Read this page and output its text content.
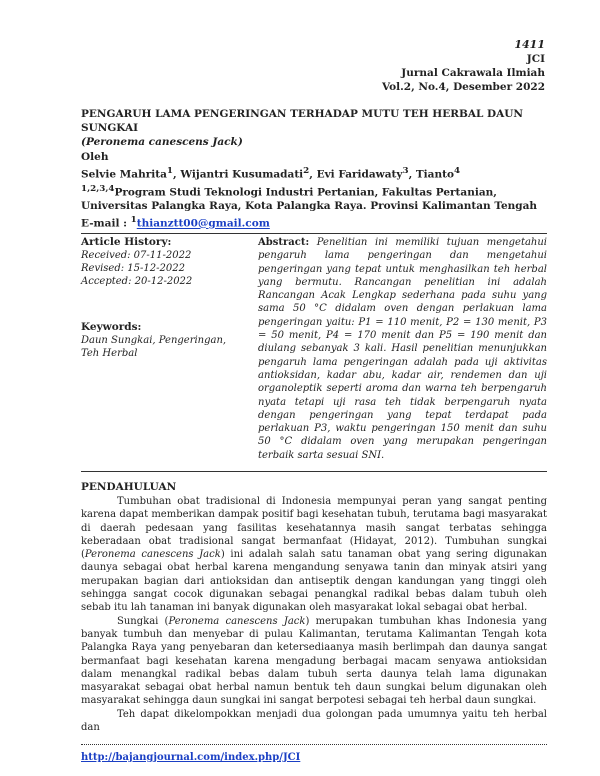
1411
JCI
Jurnal Cakrawala Ilmiah
Vol.2, No.4, Desember 2022
PENGARUH LAMA PENGERINGAN TERHADAP MUTU TEH HERBAL DAUN SUNGKAI
(Peronema canescens Jack)
Oleh
Selvie Mahrita$^1$, Wijantri Kusumadati$^2$, Evi Faridawaty$^3$, Tianto$^4$
$^{1,2,3,4}$Program Studi Teknologi Industri Pertanian, Fakultas Pertanian, Universitas Palangka Raya, Kota Palangka Raya. Provinsi Kalimantan Tengah
E-mail : $^1$thianztt00@gmail.com
Article History:
Received: 07-11-2022
Revised: 15-12-2022
Accepted: 20-12-2022
Keywords:
Daun Sungkai, Pengeringan, Teh Herbal
Abstract: Penelitian ini memiliki tujuan mengetahui pengaruh lama pengeringan dan mengetahui pengeringan yang tepat untuk menghasilkan teh herbal yang bermutu. Rancangan penelitian ini adalah Rancangan Acak Lengkap sederhana pada suhu yang sama 50 °C didalam oven dengan perlakuan lama pengeringan yaitu: P1 = 110 menit, P2 = 130 menit, P3 = 50 menit, P4 = 170 menit dan P5 = 190 menit dan diulang sebanyak 3 kali. Hasil penelitian menunjukkan pengaruh lama pengeringan adalah pada uji aktivitas antioksidan, kadar abu, kadar air, rendemen dan uji organoleptik seperti aroma dan warna teh berpengaruh nyata tetapi uji rasa teh tidak berpengaruh nyata dengan pengeringan yang tepat terdapat pada perlakuan P3, waktu pengeringan 150 menit dan suhu 50 °C didalam oven yang merupakan pengeringan terbaik sarta sesuai SNI.
PENDAHULUAN

Tumbuhan obat tradisional di Indonesia mempunyai peran yang sangat penting karena dapat memberikan dampak positif bagi kesehatan tubuh, terutama bagi masyarakat di daerah pedesaan yang fasilitas kesehatannya masih sangat terbatas sehingga keberadaan obat tradisional sangat bermanfaat (Hidayat, 2012). Tumbuhan sungkai (Peronema canescens Jack) ini adalah salah satu tanaman obat yang sering digunakan daunya sebagai obat herbal karena mengandung senyawa tanin dan minyak atsiri yang merupakan bagian dari antioksidan dan antiseptik dengan kandungan yang tinggi oleh sehingga sangat cocok digunakan sebagai penangkal radikal bebas dalam tubuh oleh sebab itu lah tanaman ini banyak digunakan oleh masyarakat lokal sebagai obat herbal.

Sungkai (Peronema canescens Jack) merupakan tumbuhan khas Indonesia yang banyak tumbuh dan menyebar di pulau Kalimantan, terutama Kalimantan Tengah kota Palangka Raya yang penyebaran dan ketersediaanya masih berlimpah dan daunya sangat bermanfaat bagi kesehatan karena mengadung berbagai macam senyawa antioksidan dalam menangkal radikal bebas dalam tubuh serta daunya telah lama digunakan masyarakat sebagai obat herbal namun bentuk teh daun sungkai belum digunakan oleh masyarakat sehingga daun sungkai ini sangat berpotesi sebagai teh herbal daun sungkai.

Teh dapat dikelompokkan menjadi dua golongan pada umumnya yaitu teh herbal dan

http://bajangjournal.com/index.php/JCI
